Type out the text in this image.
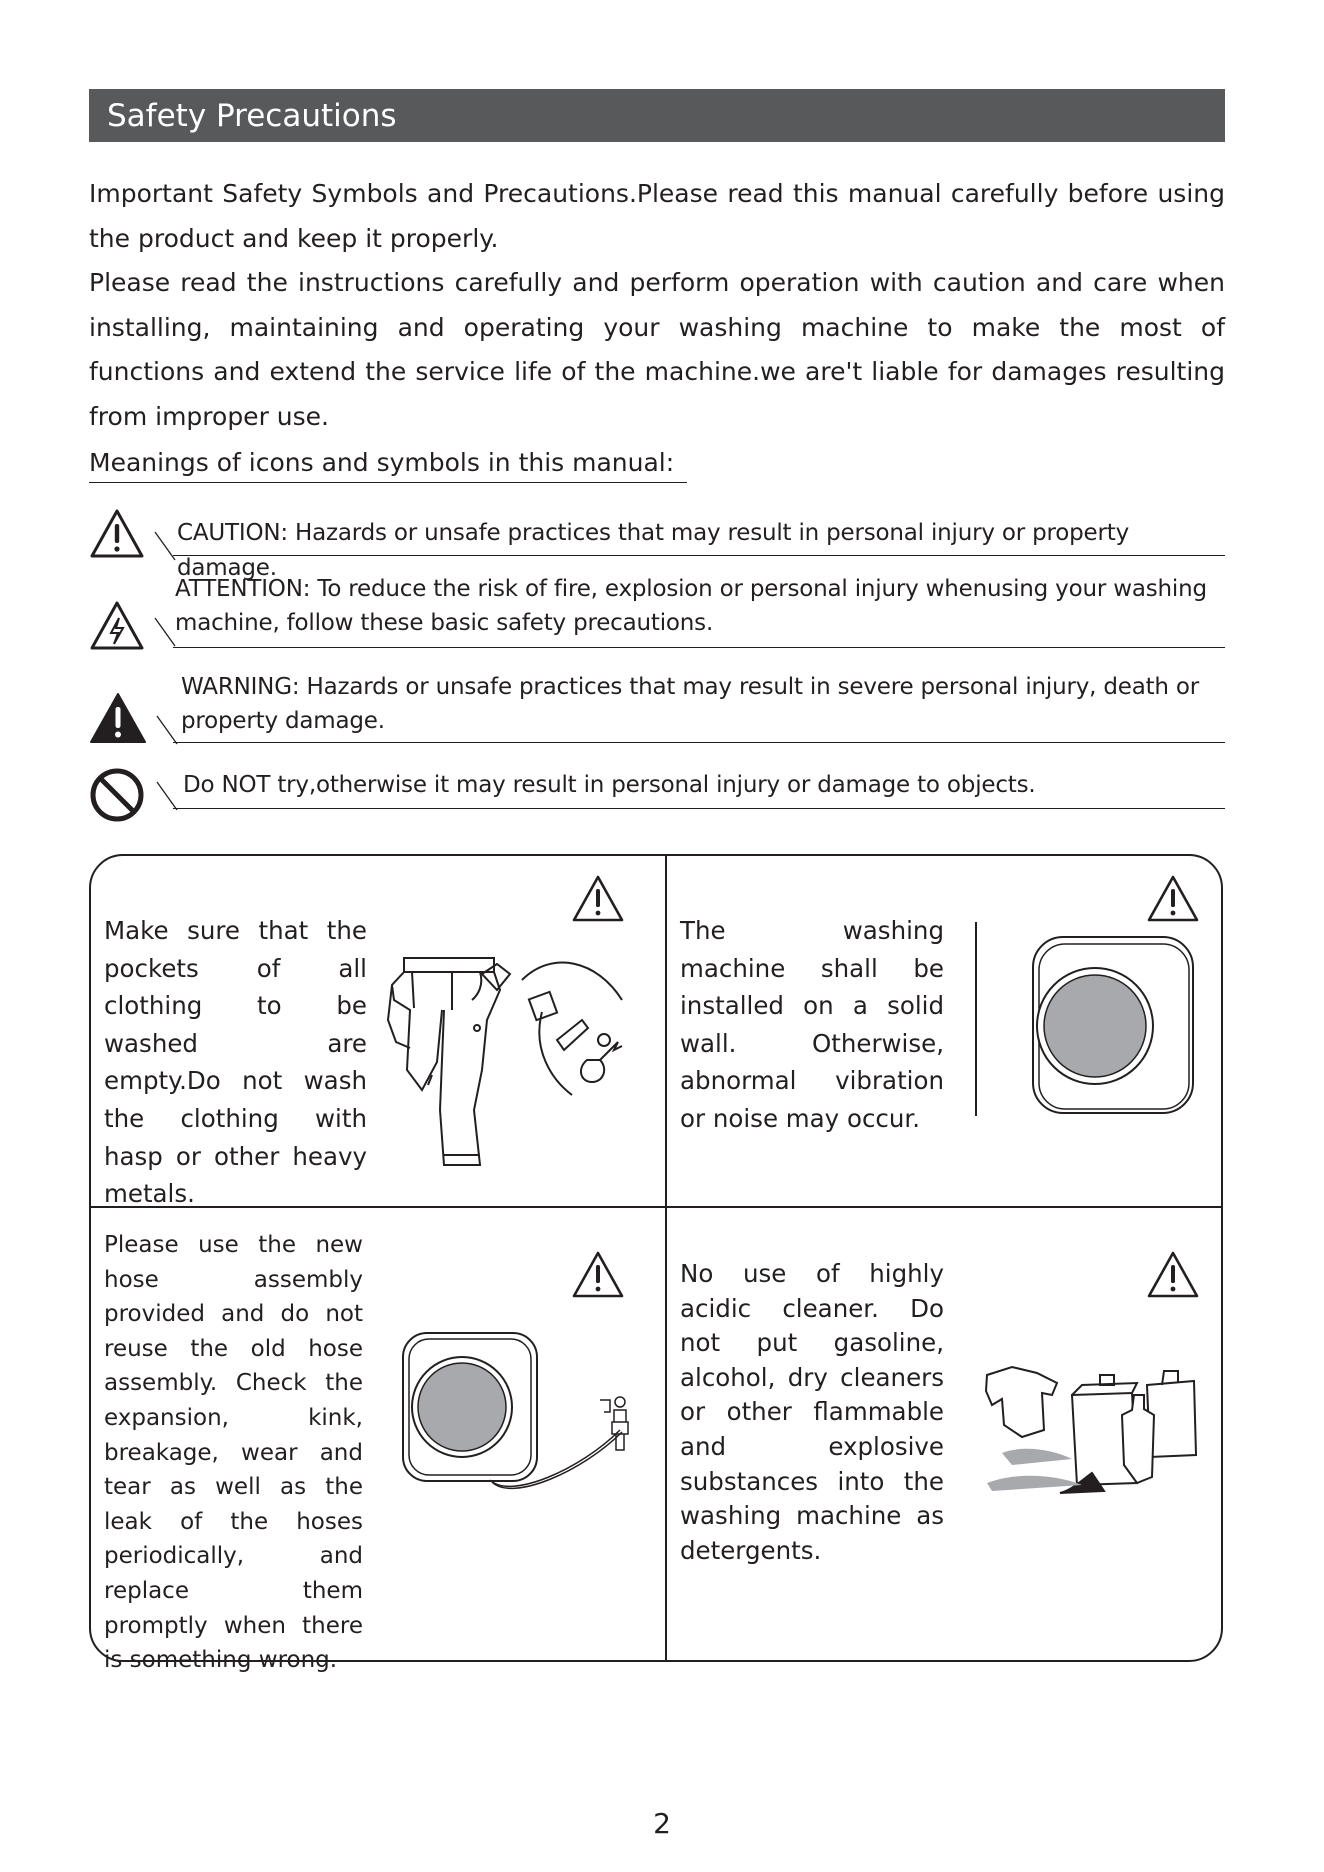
Safety Precautions

Important Safety Symbols and Precautions.Please read this manual carefully before using the product and keep it properly.

Please read the instructions carefully and perform operation with caution and care when installing, maintaining and operating your washing machine to make the most of functions and extend the service life of the machine.we are't liable for damages resulting from improper use.

Meanings of icons and symbols in this manual:
CAUTION: Hazards or unsafe practices that may result in personal injury or property damage.
ATTENTION: To reduce the risk of fire, explosion or personal injury whenusing your washing
machine, follow these basic safety precautions.
WARNING: Hazards or unsafe practices that may result in severe personal injury, death or
property damage.
Do NOT try,otherwise it may result in personal injury or damage to objects.

Make sure that the pockets of all clothing to be washed are empty.Do not wash the clothing with hasp or other heavy metals.

The washing machine shall be installed on a solid wall. Otherwise, abnormal vibration or noise may occur.

Please use the new hose assembly provided and do not reuse the old hose assembly. Check the expansion, kink, breakage, wear and tear as well as the leak of the hoses periodically, and replace them promptly when there is something wrong.

No use of highly acidic cleaner. Do not put gasoline, alcohol, dry cleaners or other flammable and explosive substances into the washing machine as detergents.

2
